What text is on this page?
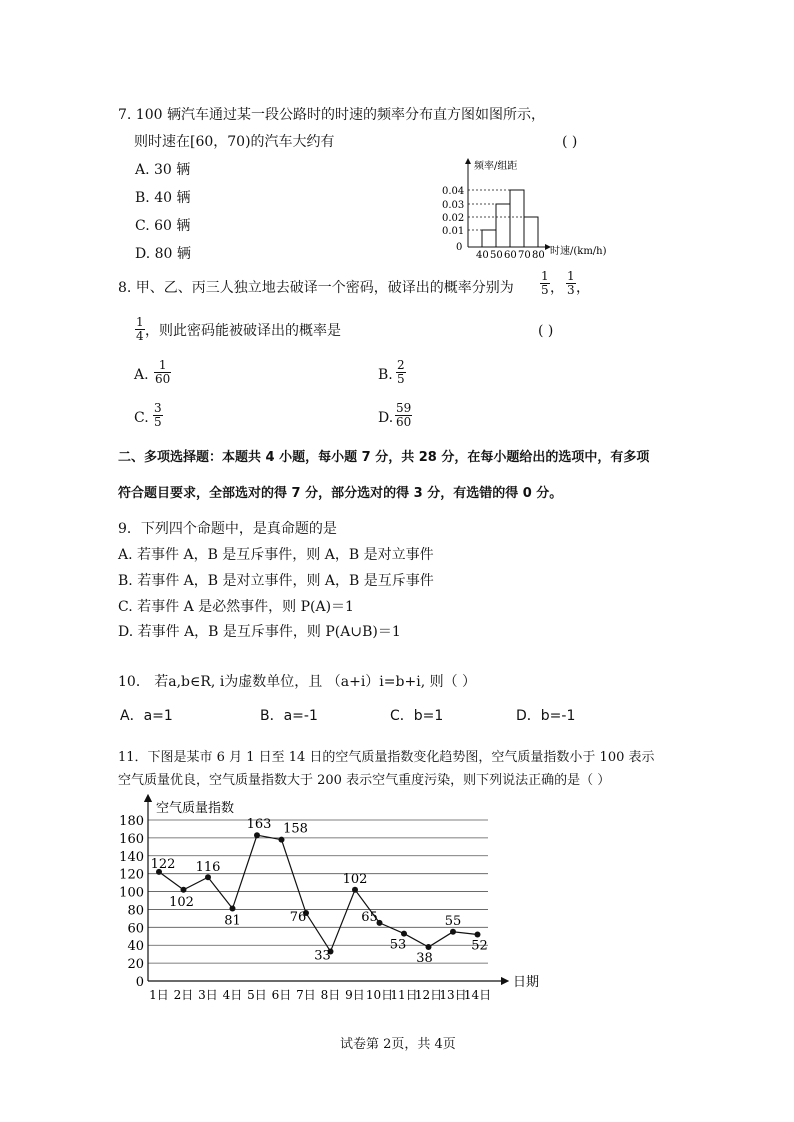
7. 100 辆汽车通过某一段公路时的时速的频率分布直方图如图所示，
则时速在[60，70)的汽车大约有	( )
A. 30 辆
B. 40 辆
C. 60 辆
D. 80 辆
频率/组距
0
0.04
0.03
0.02
0.01
40 50 60 70 80 时速/(km/h)
8. 甲、乙、丙三人独立地去破译一个密码，破译出的概率分别为 $\frac{1}{5}$ ， $\frac{1}{3}$ ，
$\frac{1}{4}$ ，则此密码能被破译出的概率是	( )
A. $\frac{1}{60}$	B. $\frac{2}{5}$
C. $\frac{3}{5}$	D. $\frac{59}{60}$
二、多项选择题：本题共 4 小题，每小题 7 分，共 28 分，在每小题给出的选项中，有多项
符合题目要求，全部选对的得 7 分，部分选对的得 3 分，有选错的得 0 分。
9．下列四个命题中，是真命题的是
A. 若事件 A，B 是互斥事件，则 A，B 是对立事件
B. 若事件 A，B 是对立事件，则 A，B 是互斥事件
C. 若事件 A 是必然事件，则 P(A)＝1
D. 若事件 A，B 是互斥事件，则 P(A∪B)＝1
10． 若a,b∈R, i为虚数单位，且 （a+i）i=b+i, 则（ ）
A．a=1	B．a=-1	C．b=1	D．b=-1
11．下图是某市 6 月 1 日至 14 日的空气质量指数变化趋势图，空气质量指数小于 100 表示
空气质量优良，空气质量指数大于 200 表示空气重度污染，则下列说法正确的是（ ）
空气质量指数
日期
0
20
40
60
80
100
120
140
160
180
1日 2日 3日 4日 5日 6日 7日 8日 9日 10日
11日
12日
13日
14日
122
102
116
81
163 158
76
33
102
65
53
38
55
52
试卷第 2页，共 4页
